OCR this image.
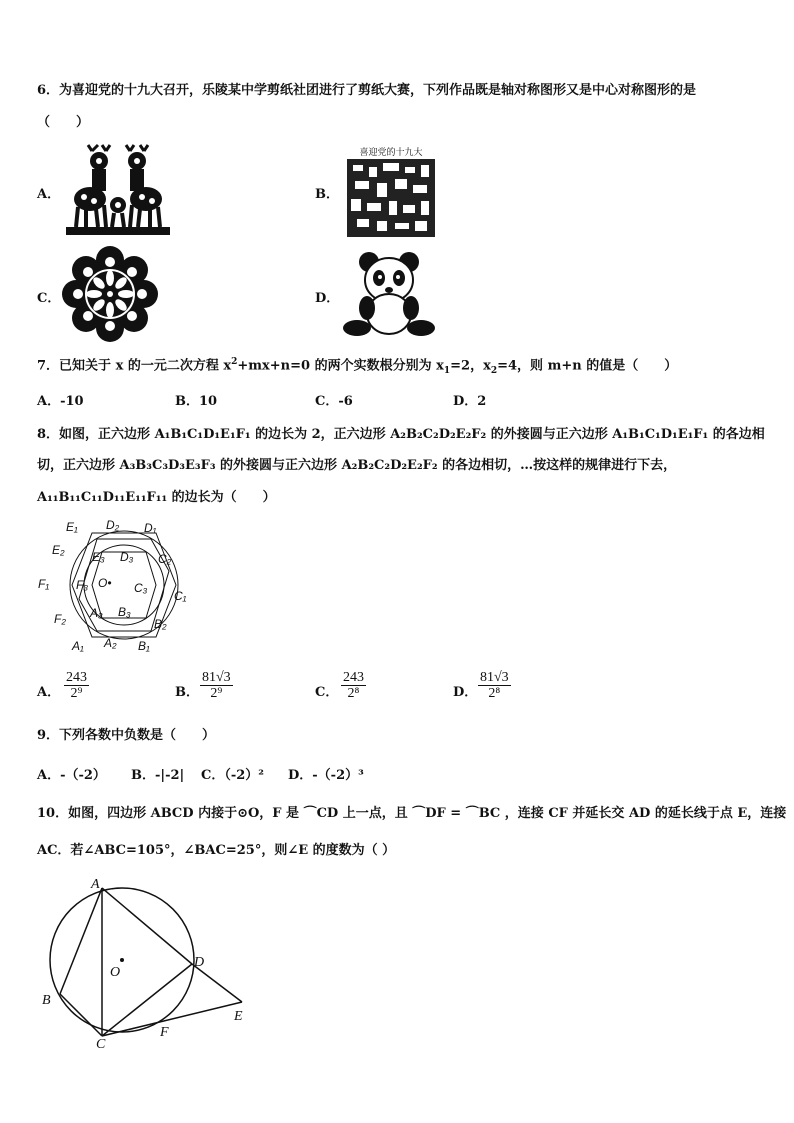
6．为喜迎党的十九大召开，乐陵某中学剪纸社团进行了剪纸大赛，下列作品既是轴对称图形又是中心对称图形的是
（　　）
A．	B．
喜迎党的十九大
C．	D．
7．已知关于 x 的一元二次方程 $x^2+mx+n=0$ 的两个实数根分别为 $x_1=2$，$x_2=4$，则 m+n 的值是（　　）
A．-10	B．10	C．-6	D．2
8．如图，正六边形 A₁B₁C₁D₁E₁F₁ 的边长为 2，正六边形 A₂B₂C₂D₂E₂F₂ 的外接圆与正六边形 A₁B₁C₁D₁E₁F₁ 的各边相
切，正六边形 A₃B₃C₃D₃E₃F₃ 的外接圆与正六边形 A₂B₂C₂D₂E₂F₂ 的各边相切，…按这样的规律进行下去，
A₁₁B₁₁C₁₁D₁₁E₁₁F₁₁ 的边长为（　　）
E₁ D₂ D₁
E₂
C₂
E₃ D₃
F₁ F₃ O• C₃
C₁
A₃ B₃
F₂	B₂
A₁ A₂ B₁
A． $\frac{243}{\text{2⁹}}$	B． $\frac{81√3}{\text{2⁹}}$	C． $\frac{243}{\text{2⁸}}$	D． $\frac{81√3}{\text{2⁸}}$
9．下列各数中负数是（　　）
A．-（-2） B．-|-2| C．（-2）² D．-（-2）³
10．如图，四边形 ABCD 内接于⊙O，F 是 ⌒CD 上一点，且 ⌒DF = ⌒BC ，连接 CF 并延长交 AD 的延长线于点 E，连接
AC．若∠ABC=105°，∠BAC=25°，则∠E 的度数为（ ）
A
B
C
D
E
F
O
